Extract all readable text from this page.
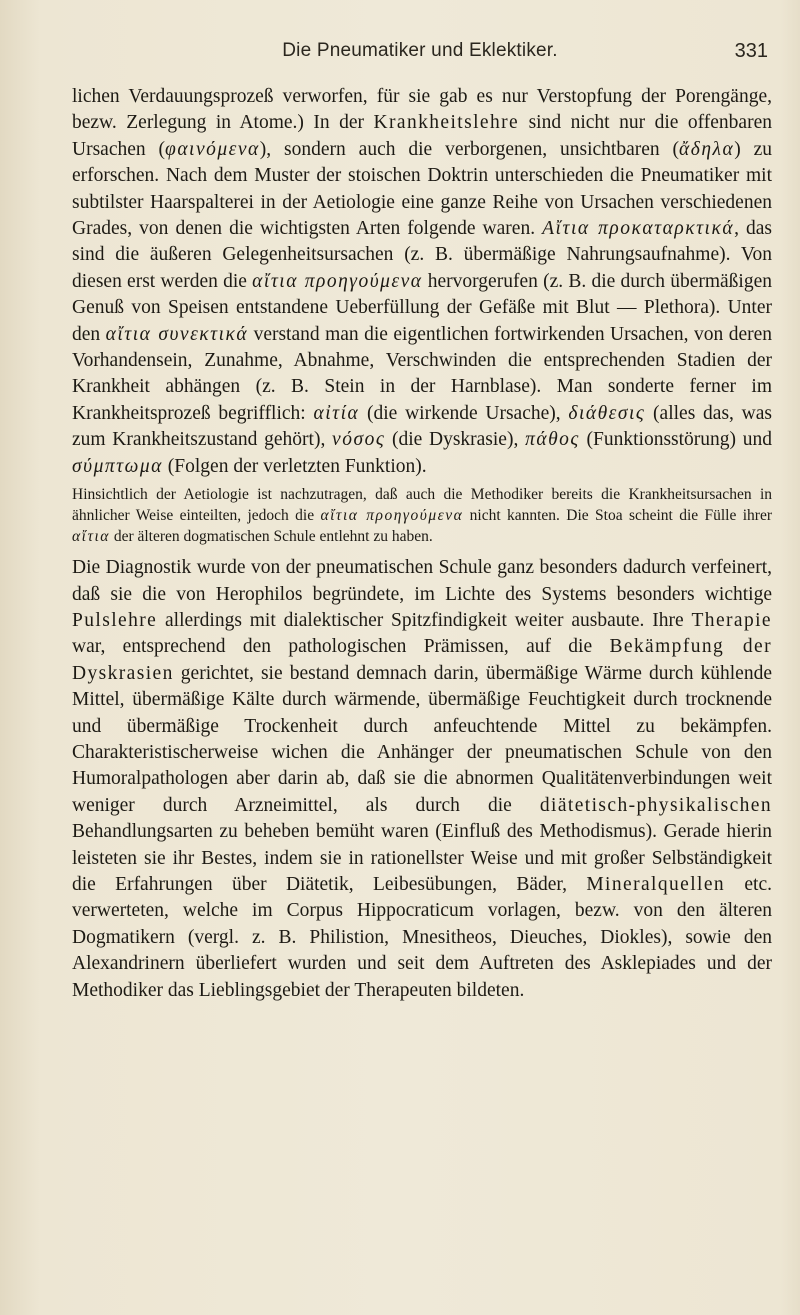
Die Pneumatiker und Eklektiker.	331

lichen Verdauungsprozeß verworfen, für sie gab es nur Verstopfung der Porengänge, bezw. Zerlegung in Atome.) In der Krankheitslehre sind nicht nur die offenbaren Ursachen (φαινόμενα), sondern auch die verborgenen, unsichtbaren (ἄδηλα) zu erforschen. Nach dem Muster der stoischen Doktrin unterschieden die Pneumatiker mit subtilster Haarspalterei in der Aetiologie eine ganze Reihe von Ursachen verschiedenen Grades, von denen die wichtigsten Arten folgende waren. Αἴτια προκαταρκτικά, das sind die äußeren Gelegenheitsursachen (z. B. übermäßige Nahrungsaufnahme). Von diesen erst werden die αἴτια προηγούμενα hervorgerufen (z. B. die durch übermäßigen Genuß von Speisen entstandene Ueberfüllung der Gefäße mit Blut — Plethora). Unter den αἴτια συνεκτικά verstand man die eigentlichen fortwirkenden Ursachen, von deren Vorhandensein, Zunahme, Abnahme, Verschwinden die entsprechenden Stadien der Krankheit abhängen (z. B. Stein in der Harnblase). Man sonderte ferner im Krankheitsprozeß begrifflich: αἰτία (die wirkende Ursache), διάθεσις (alles das, was zum Krankheitszustand gehört), νόσος (die Dyskrasie), πάθος (Funktionsstörung) und σύμπτωμα (Folgen der verletzten Funktion).

Hinsichtlich der Aetiologie ist nachzutragen, daß auch die Methodiker bereits die Krankheitsursachen in ähnlicher Weise einteilten, jedoch die αἴτια προηγούμενα nicht kannten. Die Stoa scheint die Fülle ihrer αἴτια der älteren dogmatischen Schule entlehnt zu haben.

Die Diagnostik wurde von der pneumatischen Schule ganz besonders dadurch verfeinert, daß sie die von Herophilos begründete, im Lichte des Systems besonders wichtige Pulslehre allerdings mit dialektischer Spitzfindigkeit weiter ausbaute. Ihre Therapie war, entsprechend den pathologischen Prämissen, auf die Bekämpfung der Dyskrasien gerichtet, sie bestand demnach darin, übermäßige Wärme durch kühlende Mittel, übermäßige Kälte durch wärmende, übermäßige Feuchtigkeit durch trocknende und übermäßige Trockenheit durch anfeuchtende Mittel zu bekämpfen. Charakteristischerweise wichen die Anhänger der pneumatischen Schule von den Humoralpathologen aber darin ab, daß sie die abnormen Qualitätenverbindungen weit weniger durch Arzneimittel, als durch die diätetisch-physikalischen Behandlungsarten zu beheben bemüht waren (Einfluß des Methodismus). Gerade hierin leisteten sie ihr Bestes, indem sie in rationellster Weise und mit großer Selbständigkeit die Erfahrungen über Diätetik, Leibesübungen, Bäder, Mineralquellen etc. verwerteten, welche im Corpus Hippocraticum vorlagen, bezw. von den älteren Dogmatikern (vergl. z. B. Philistion, Mnesitheos, Dieuches, Diokles), sowie den Alexandrinern überliefert wurden und seit dem Auftreten des Asklepiades und der Methodiker das Lieblingsgebiet der Therapeuten bildeten.
